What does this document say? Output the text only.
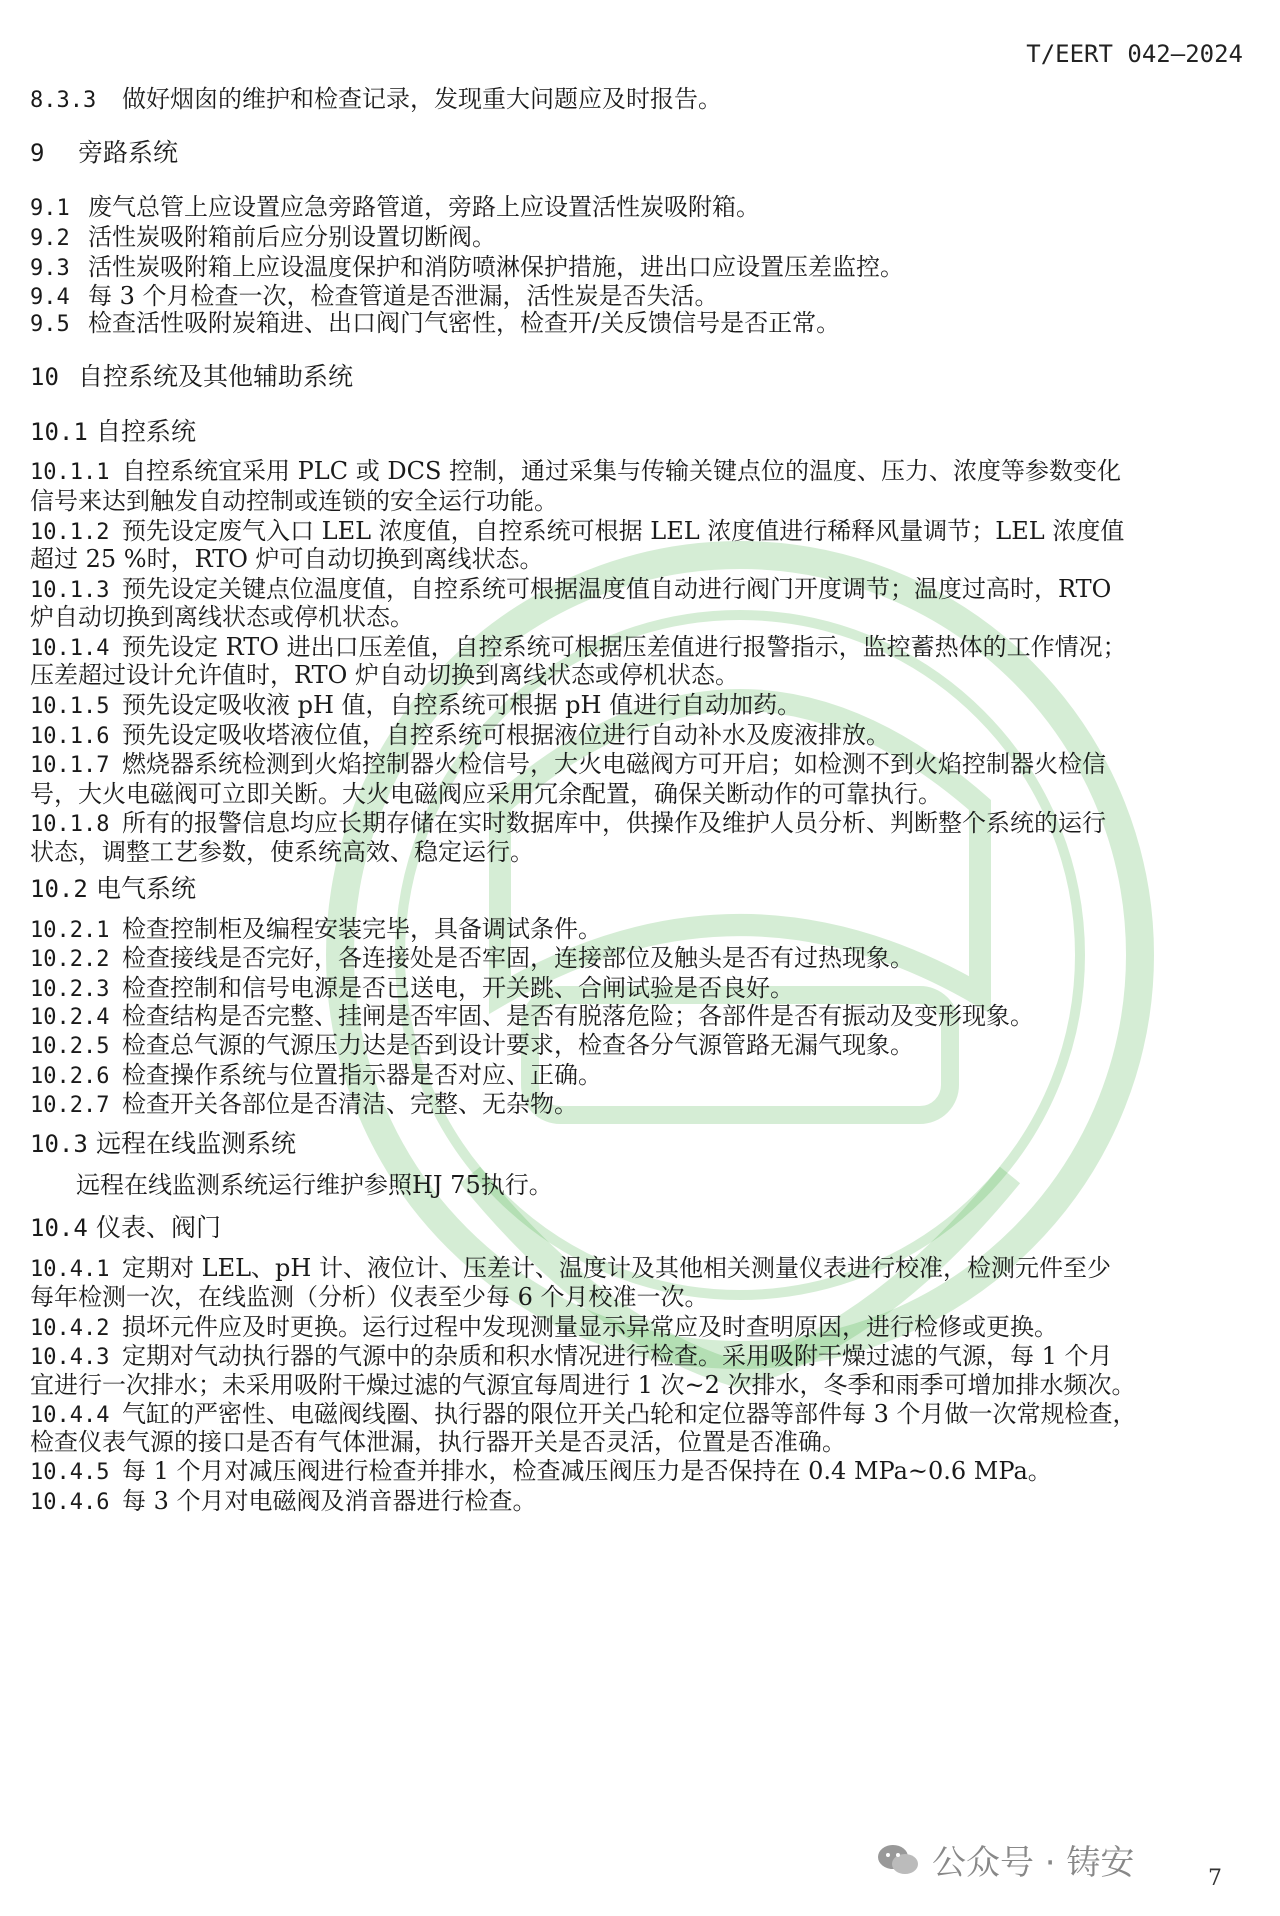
T/EERT 042—2024
8.3.3 做好烟囱的维护和检查记录，发现重大问题应及时报告。
9 旁路系统
9.1 废气总管上应设置应急旁路管道，旁路上应设置活性炭吸附箱。
9.2 活性炭吸附箱前后应分别设置切断阀。
9.3 活性炭吸附箱上应设温度保护和消防喷淋保护措施，进出口应设置压差监控。
9.4 每 3 个月检查一次，检查管道是否泄漏，活性炭是否失活。
9.5 检查活性吸附炭箱进、出口阀门气密性，检查开/关反馈信号是否正常。
10 自控系统及其他辅助系统
10.1 自控系统
10.1.1 自控系统宜采用 PLC 或 DCS 控制，通过采集与传输关键点位的温度、压力、浓度等参数变化
信号来达到触发自动控制或连锁的安全运行功能。
10.1.2 预先设定废气入口 LEL 浓度值，自控系统可根据 LEL 浓度值进行稀释风量调节；LEL 浓度值
超过 25 %时，RTO 炉可自动切换到离线状态。
10.1.3 预先设定关键点位温度值，自控系统可根据温度值自动进行阀门开度调节；温度过高时，RTO
炉自动切换到离线状态或停机状态。
10.1.4 预先设定 RTO 进出口压差值，自控系统可根据压差值进行报警指示，监控蓄热体的工作情况；
压差超过设计允许值时，RTO 炉自动切换到离线状态或停机状态。
10.1.5 预先设定吸收液 pH 值，自控系统可根据 pH 值进行自动加药。
10.1.6 预先设定吸收塔液位值，自控系统可根据液位进行自动补水及废液排放。
10.1.7 燃烧器系统检测到火焰控制器火检信号，大火电磁阀方可开启；如检测不到火焰控制器火检信
号，大火电磁阀可立即关断。大火电磁阀应采用冗余配置，确保关断动作的可靠执行。
10.1.8 所有的报警信息均应长期存储在实时数据库中，供操作及维护人员分析、判断整个系统的运行
状态，调整工艺参数，使系统高效、稳定运行。
10.2 电气系统
10.2.1 检查控制柜及编程安装完毕，具备调试条件。
10.2.2 检查接线是否完好，各连接处是否牢固，连接部位及触头是否有过热现象。
10.2.3 检查控制和信号电源是否已送电，开关跳、合闸试验是否良好。
10.2.4 检查结构是否完整、挂闸是否牢固、是否有脱落危险；各部件是否有振动及变形现象。
10.2.5 检查总气源的气源压力达是否到设计要求，检查各分气源管路无漏气现象。
10.2.6 检查操作系统与位置指示器是否对应、正确。
10.2.7 检查开关各部位是否清洁、完整、无杂物。
10.3 远程在线监测系统
远程在线监测系统运行维护参照HJ 75执行。
10.4 仪表、阀门
10.4.1 定期对 LEL、pH 计、液位计、压差计、温度计及其他相关测量仪表进行校准，检测元件至少
每年检测一次，在线监测（分析）仪表至少每 6 个月校准一次。
10.4.2 损坏元件应及时更换。运行过程中发现测量显示异常应及时查明原因，进行检修或更换。
10.4.3 定期对气动执行器的气源中的杂质和积水情况进行检查。采用吸附干燥过滤的气源，每 1 个月
宜进行一次排水；未采用吸附干燥过滤的气源宜每周进行 1 次~2 次排水，冬季和雨季可增加排水频次。
10.4.4 气缸的严密性、电磁阀线圈、执行器的限位开关凸轮和定位器等部件每 3 个月做一次常规检查，
检查仪表气源的接口是否有气体泄漏，执行器开关是否灵活，位置是否准确。
10.4.5 每 1 个月对减压阀进行检查并排水，检查减压阀压力是否保持在 0.4 MPa~0.6 MPa。
10.4.6 每 3 个月对电磁阀及消音器进行检查。
公众号 · 铸安	7
